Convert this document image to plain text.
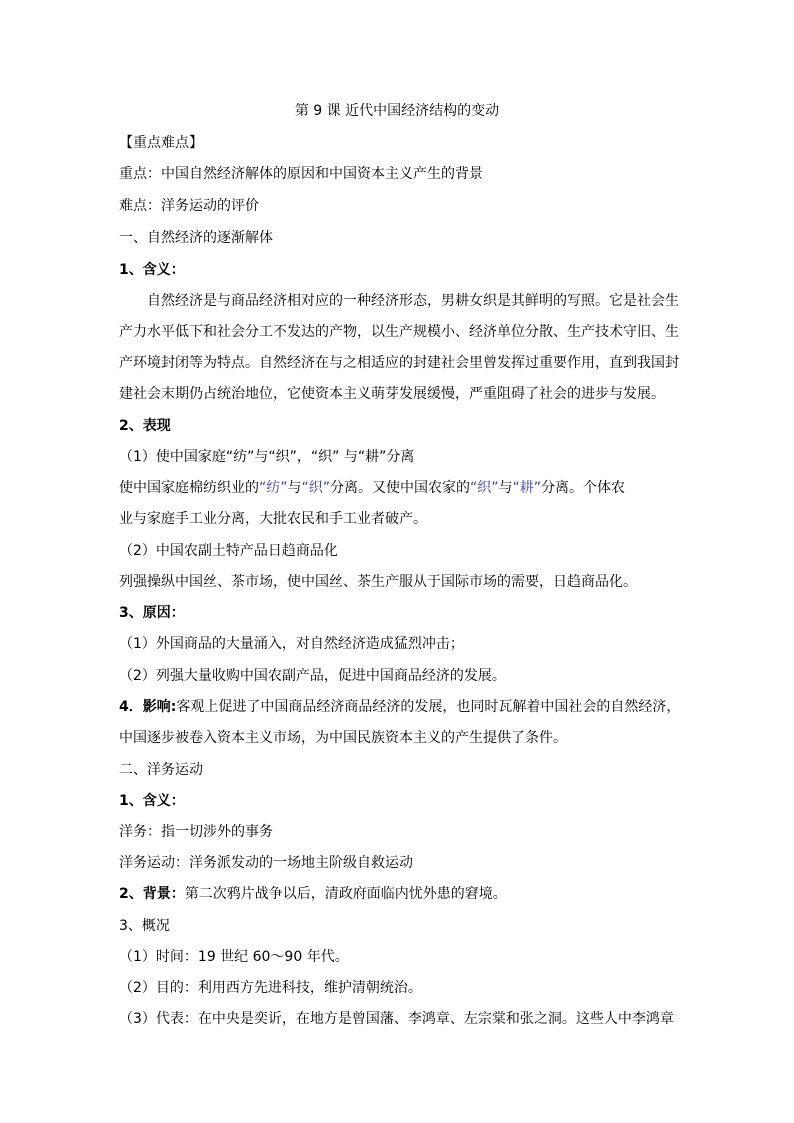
第 9 课 近代中国经济结构的变动
【重点难点】
重点：中国自然经济解体的原因和中国资本主义产生的背景
难点：洋务运动的评价
一、自然经济的逐渐解体
1、含义：
自然经济是与商品经济相对应的一种经济形态，男耕女织是其鲜明的写照。它是社会生
产力水平低下和社会分工不发达的产物，以生产规模小、经济单位分散、生产技术守旧、生
产环境封闭等为特点。自然经济在与之相适应的封建社会里曾发挥过重要作用，直到我国封
建社会末期仍占统治地位，它使资本主义萌芽发展缓慢，严重阻碍了社会的进步与发展。
2、表现
（1）使中国家庭“纺”与“织”，“织” 与“耕”分离
使中国家庭棉纺织业的“纺”与“织”分离。又使中国农家的“织”与“耕”分离。个体农
业与家庭手工业分离，大批农民和手工业者破产。
（2）中国农副土特产品日趋商品化
列强操纵中国丝、茶市场，使中国丝、茶生产服从于国际市场的需要，日趋商品化。
3、原因：
（1）外国商品的大量涌入，对自然经济造成猛烈冲击；
（2）列强大量收购中国农副产品，促进中国商品经济的发展。
4．影响:客观上促进了中国商品经济商品经济的发展，也同时瓦解着中国社会的自然经济，
中国逐步被卷入资本主义市场，为中国民族资本主义的产生提供了条件。
二、洋务运动
1、含义：
洋务：指一切涉外的事务
洋务运动：洋务派发动的一场地主阶级自救运动
2、背景：第二次鸦片战争以后，清政府面临内忧外患的窘境。
3、概况
（1）时间：19 世纪 60～90 年代。
（2）目的：利用西方先进科技，维护清朝统治。
（3）代表：在中央是奕䜣，在地方是曾国藩、李鸿章、左宗棠和张之洞。这些人中李鸿章
